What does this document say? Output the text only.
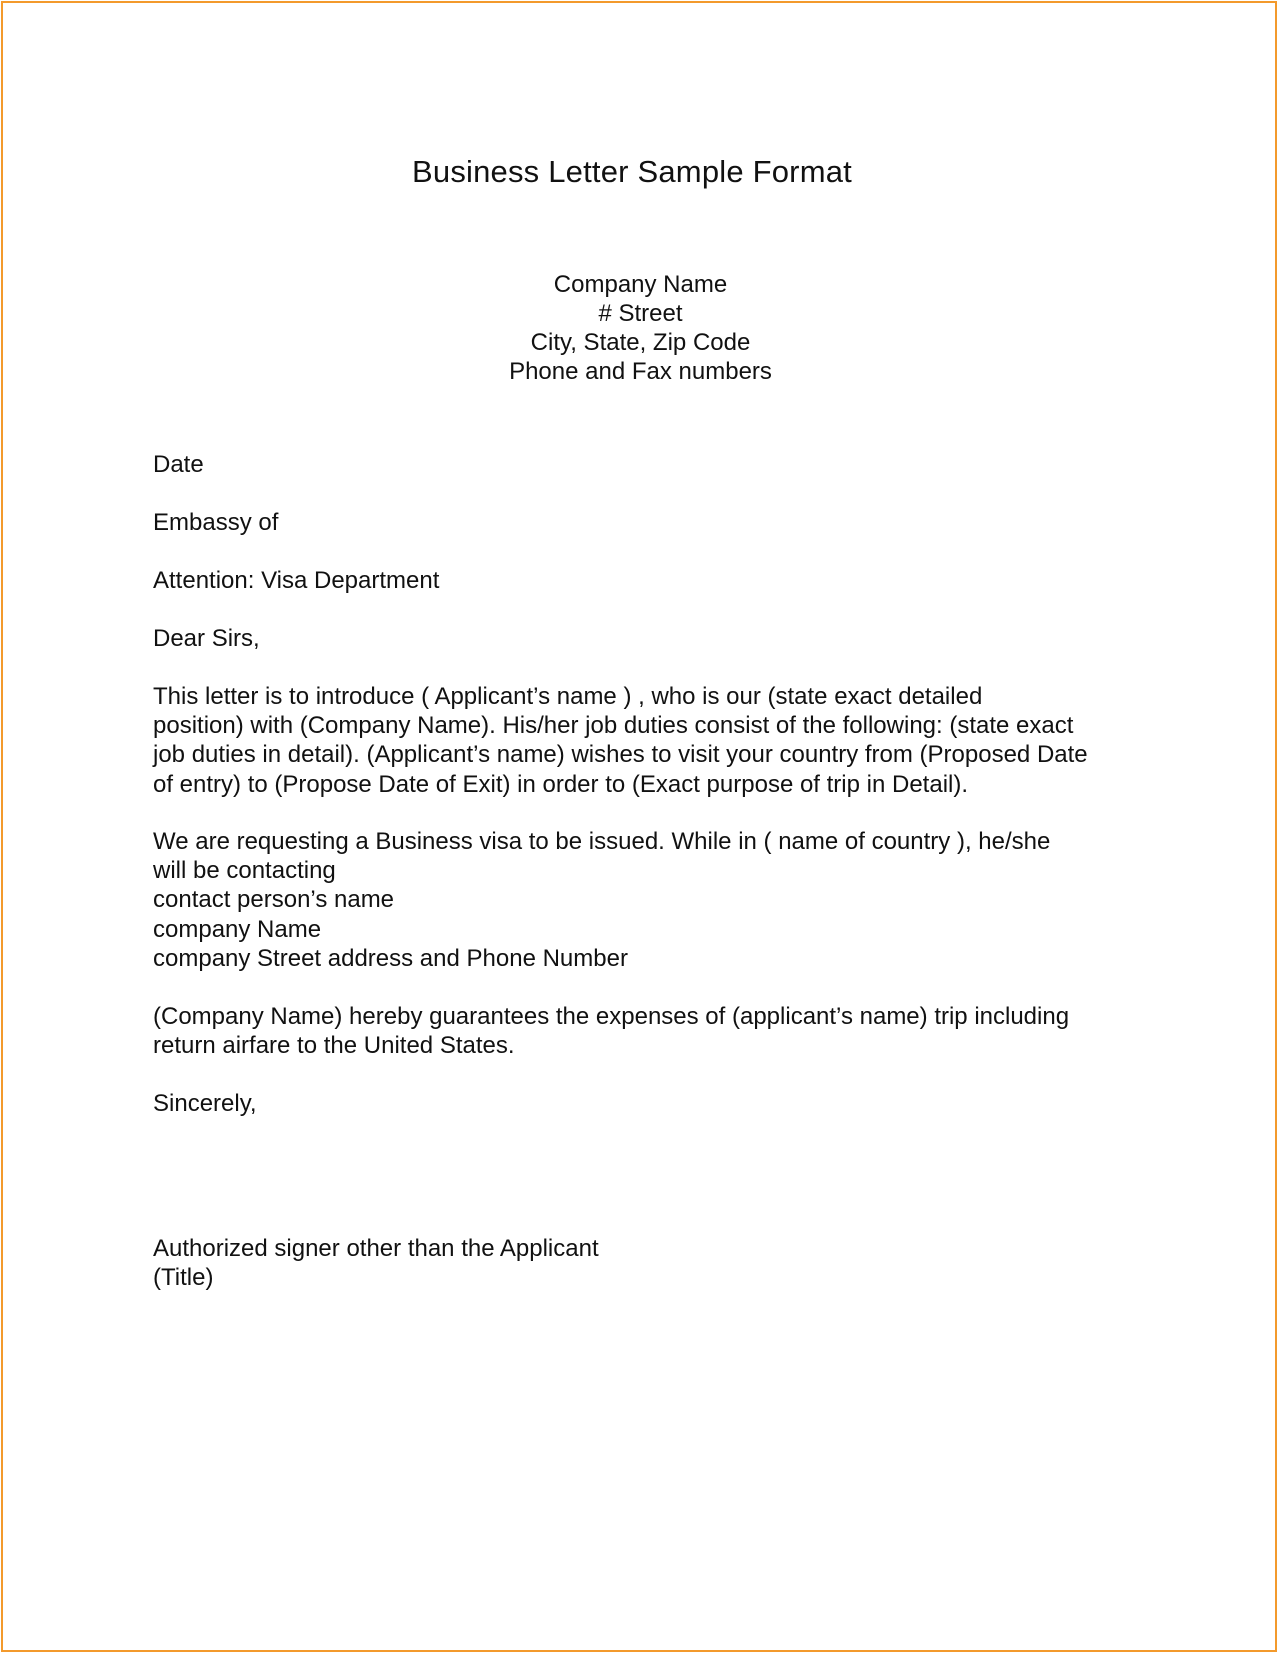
Business Letter Sample Format
Company Name
# Street
City, State, Zip Code
Phone and Fax numbers
Date
Embassy of
Attention: Visa Department
Dear Sirs,
This letter is to introduce ( Applicant’s name ) , who is our (state exact detailed
position) with (Company Name). His/her job duties consist of the following: (state exact
job duties in detail). (Applicant’s name) wishes to visit your country from (Proposed Date
of entry) to (Propose Date of Exit) in order to (Exact purpose of trip in Detail).
We are requesting a Business visa to be issued. While in ( name of country ), he/she
will be contacting
contact person’s name
company Name
company Street address and Phone Number
(Company Name) hereby guarantees the expenses of (applicant’s name) trip including
return airfare to the United States.
Sincerely,
Authorized signer other than the Applicant
(Title)
